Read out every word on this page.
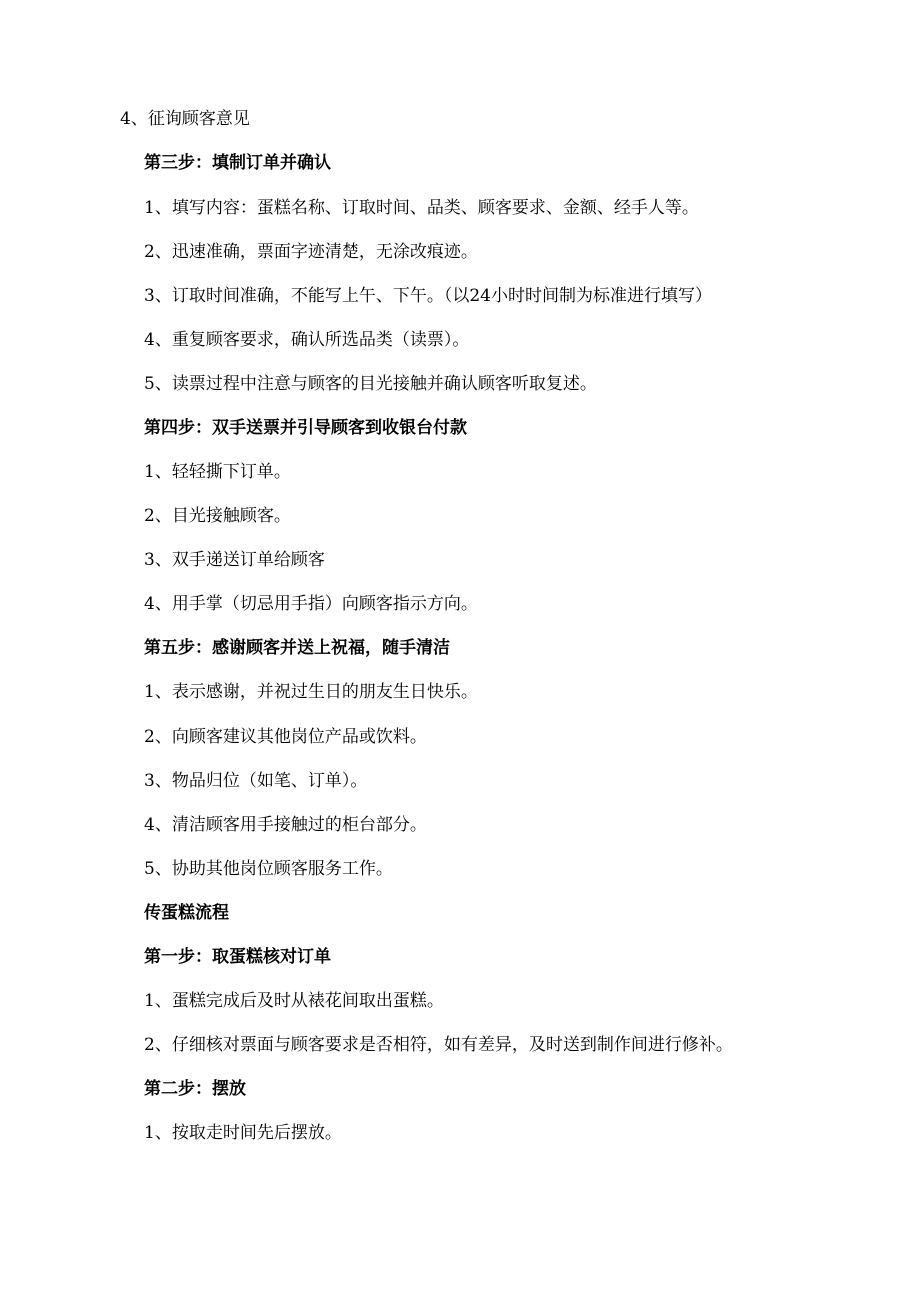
4、征询顾客意见
第三步：填制订单并确认
1、填写内容：蛋糕名称、订取时间、品类、顾客要求、金额、经手人等。
2、迅速准确，票面字迹清楚，无涂改痕迹。
3、订取时间准确，不能写上午、下午。（以24小时时间制为标准进行填写）
4、重复顾客要求，确认所选品类（读票）。
5、读票过程中注意与顾客的目光接触并确认顾客听取复述。
第四步：双手送票并引导顾客到收银台付款
1、轻轻撕下订单。
2、目光接触顾客。
3、双手递送订单给顾客
4、用手掌（切忌用手指）向顾客指示方向。
第五步：感谢顾客并送上祝福，随手清洁
1、表示感谢，并祝过生日的朋友生日快乐。
2、向顾客建议其他岗位产品或饮料。
3、物品归位（如笔、订单）。
4、清洁顾客用手接触过的柜台部分。
5、协助其他岗位顾客服务工作。
传蛋糕流程
第一步：取蛋糕核对订单
1、蛋糕完成后及时从裱花间取出蛋糕。
2、仔细核对票面与顾客要求是否相符，如有差异，及时送到制作间进行修补。
第二步：摆放
1、按取走时间先后摆放。
